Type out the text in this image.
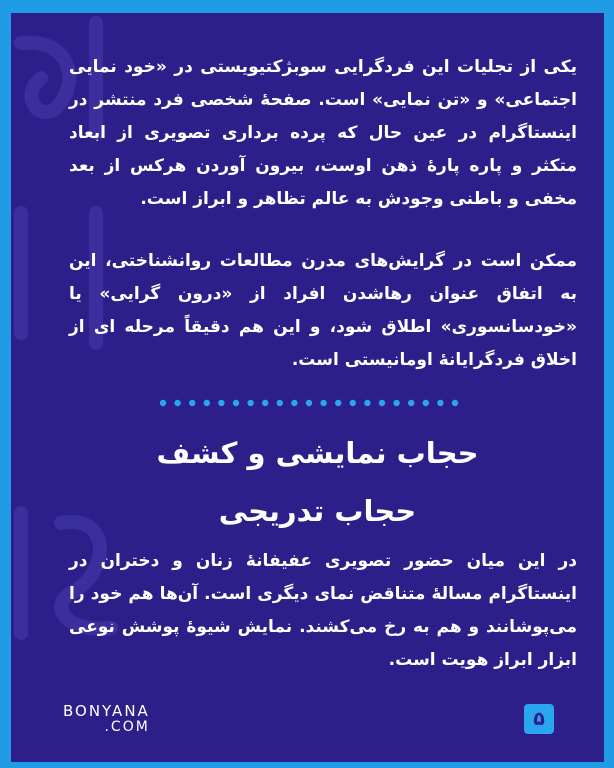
یکی از تجلیات این فردگرایی سوبژکتیویستی در «خود نمایی اجتماعی» و «تن نمایی» است. صفحهٔ شخصی فرد منتشر در اینستاگرام در عین حال که پرده برداری تصویری از ابعاد متکثر و پاره پارهٔ ذهن اوست، بیرون آوردن هرکس از بعد مخفی و باطنی وجودش به عالم تظاهر و ابراز است.

ممکن است در گرایش‌های مدرن مطالعات روانشناختی، این به اتفاق عنوان رهاشدن افراد از «درون گرایی» یا «خودسانسوری» اطلاق شود، و این هم دقیقاً مرحله ای از اخلاق فردگرایانهٔ اومانیستی است.

حجاب نمایشی و کشف
حجاب تدریجی

در این میان حضور تصویری عفیفانهٔ زنان و دختران در اینستاگرام مسالهٔ متناقض نمای دیگری است. آن‌ها هم خود را می‌پوشانند و هم به رخ می‌کشند. نمایش شیوهٔ پوشش نوعی ابزار ابراز هویت است.

BONYANA
.COM	۵
